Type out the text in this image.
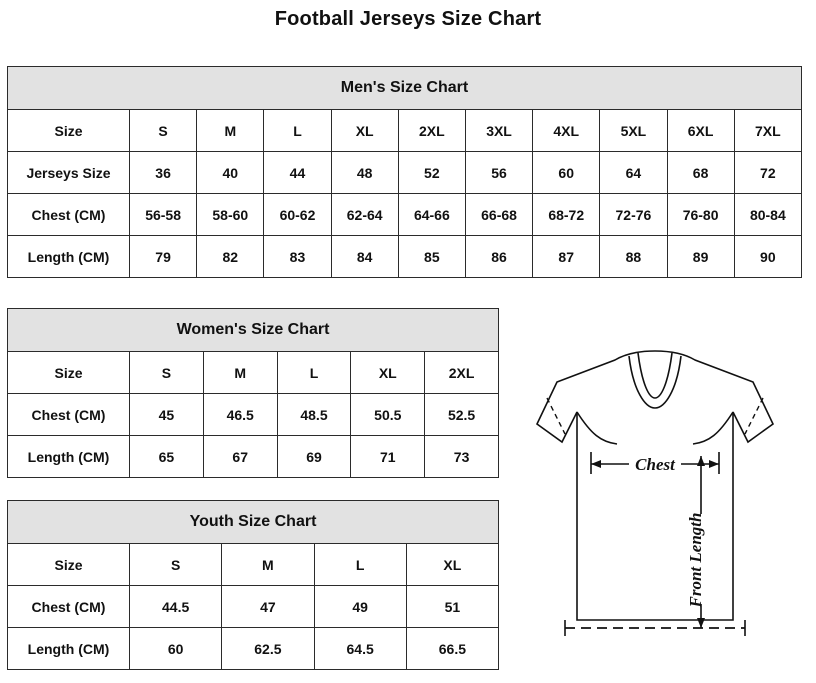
Football Jerseys Size Chart
Men's Size Chart										
Size	S	M	L	XL	2XL	3XL	4XL	5XL	6XL	7XL
Jerseys Size	36	40	44	48	52	56	60	64	68	72
Chest (CM)	56-58	58-60	60-62	62-64	64-66	66-68	68-72	72-76	76-80	80-84
Length (CM)	79	82	83	84	85	86	87	88	89	90
Women's Size Chart					
Size	S	M	L	XL	2XL
Chest (CM)	45	46.5	48.5	50.5	52.5
Length (CM)	65	67	69	71	73
Youth Size Chart				
Size	S	M	L	XL
Chest (CM)	44.5	47	49	51
Length (CM)	60	62.5	64.5	66.5
Chest
Front Length
